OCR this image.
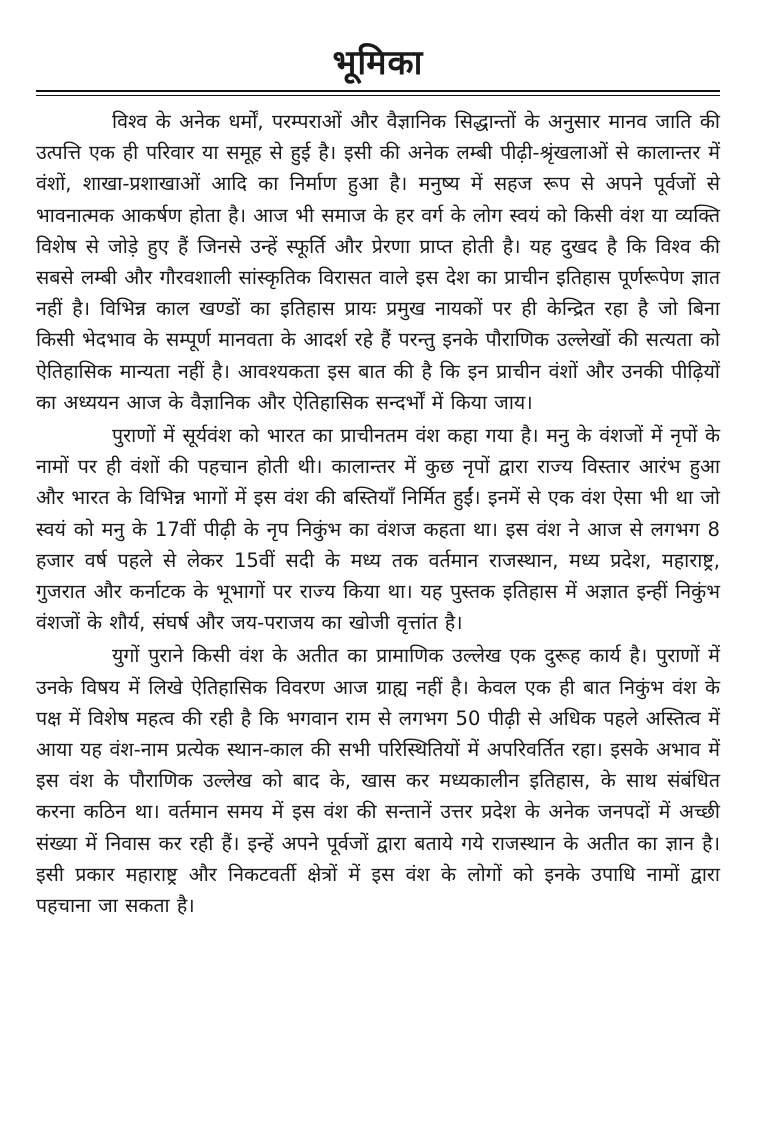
भूमिका

विश्व के अनेक धर्मों, परम्पराओं और वैज्ञानिक सिद्धान्तों के अनुसार मानव जाति की उत्पत्ति एक ही परिवार या समूह से हुई है। इसी की अनेक लम्बी पीढ़ी-श्रृंखलाओं से कालान्तर में वंशों, शाखा-प्रशाखाओं आदि का निर्माण हुआ है। मनुष्य में सहज रूप से अपने पूर्वजों से भावनात्मक आकर्षण होता है। आज भी समाज के हर वर्ग के लोग स्वयं को किसी वंश या व्यक्ति विशेष से जोड़े हुए हैं जिनसे उन्हें स्फूर्ति और प्रेरणा प्राप्त होती है। यह दुखद है कि विश्व की सबसे लम्बी और गौरवशाली सांस्कृतिक विरासत वाले इस देश का प्राचीन इतिहास पूर्णरूपेण ज्ञात नहीं है। विभिन्न काल खण्डों का इतिहास प्रायः प्रमुख नायकों पर ही केन्द्रित रहा है जो बिना किसी भेदभाव के सम्पूर्ण मानवता के आदर्श रहे हैं परन्तु इनके पौराणिक उल्लेखों की सत्यता को ऐतिहासिक मान्यता नहीं है। आवश्यकता इस बात की है कि इन प्राचीन वंशों और उनकी पीढ़ियों का अध्ययन आज के वैज्ञानिक और ऐतिहासिक सन्दर्भों में किया जाय।

पुराणों में सूर्यवंश को भारत का प्राचीनतम वंश कहा गया है। मनु के वंशजों में नृपों के नामों पर ही वंशों की पहचान होती थी। कालान्तर में कुछ नृपों द्वारा राज्य विस्तार आरंभ हुआ और भारत के विभिन्न भागों में इस वंश की बस्तियाँ निर्मित हुईं। इनमें से एक वंश ऐसा भी था जो स्वयं को मनु के 17वीं पीढ़ी के नृप निकुंभ का वंशज कहता था। इस वंश ने आज से लगभग 8 हजार वर्ष पहले से लेकर 15वीं सदी के मध्य तक वर्तमान राजस्थान, मध्य प्रदेश, महाराष्ट्र, गुजरात और कर्नाटक के भूभागों पर राज्य किया था। यह पुस्तक इतिहास में अज्ञात इन्हीं निकुंभ वंशजों के शौर्य, संघर्ष और जय-पराजय का खोजी वृत्तांत है।

युगों पुराने किसी वंश के अतीत का प्रामाणिक उल्लेख एक दुरूह कार्य है। पुराणों में उनके विषय में लिखे ऐतिहासिक विवरण आज ग्राह्य नहीं है। केवल एक ही बात निकुंभ वंश के पक्ष में विशेष महत्व की रही है कि भगवान राम से लगभग 50 पीढ़ी से अधिक पहले अस्तित्व में आया यह वंश-नाम प्रत्येक स्थान-काल की सभी परिस्थितियों में अपरिवर्तित रहा। इसके अभाव में इस वंश के पौराणिक उल्लेख को बाद के, खास कर मध्यकालीन इतिहास, के साथ संबंधित करना कठिन था। वर्तमान समय में इस वंश की सन्तानें उत्तर प्रदेश के अनेक जनपदों में अच्छी संख्या में निवास कर रही हैं। इन्हें अपने पूर्वजों द्वारा बताये गये राजस्थान के अतीत का ज्ञान है। इसी प्रकार महाराष्ट्र और निकटवर्ती क्षेत्रों में इस वंश के लोगों को इनके उपाधि नामों द्वारा पहचाना जा सकता है।
